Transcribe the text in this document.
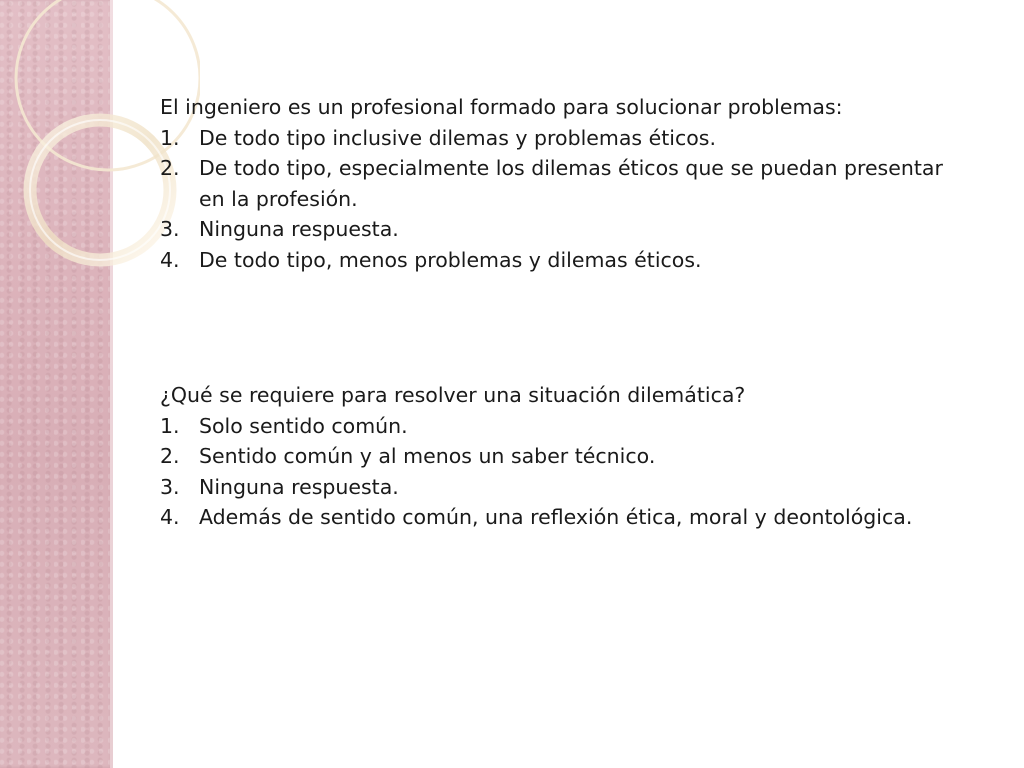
El ingeniero es un profesional formado para solucionar problemas:

1. De todo tipo inclusive dilemas y problemas éticos.
2. De todo tipo, especialmente los dilemas éticos que se puedan presentar en la profesión.
3. Ninguna respuesta.
4. De todo tipo, menos problemas y dilemas éticos.

¿Qué se requiere para resolver una situación dilemática?

1. Solo sentido común.
2. Sentido común y al menos un saber técnico.
3. Ninguna respuesta.
4. Además de sentido común, una reflexión ética, moral y deontológica.
